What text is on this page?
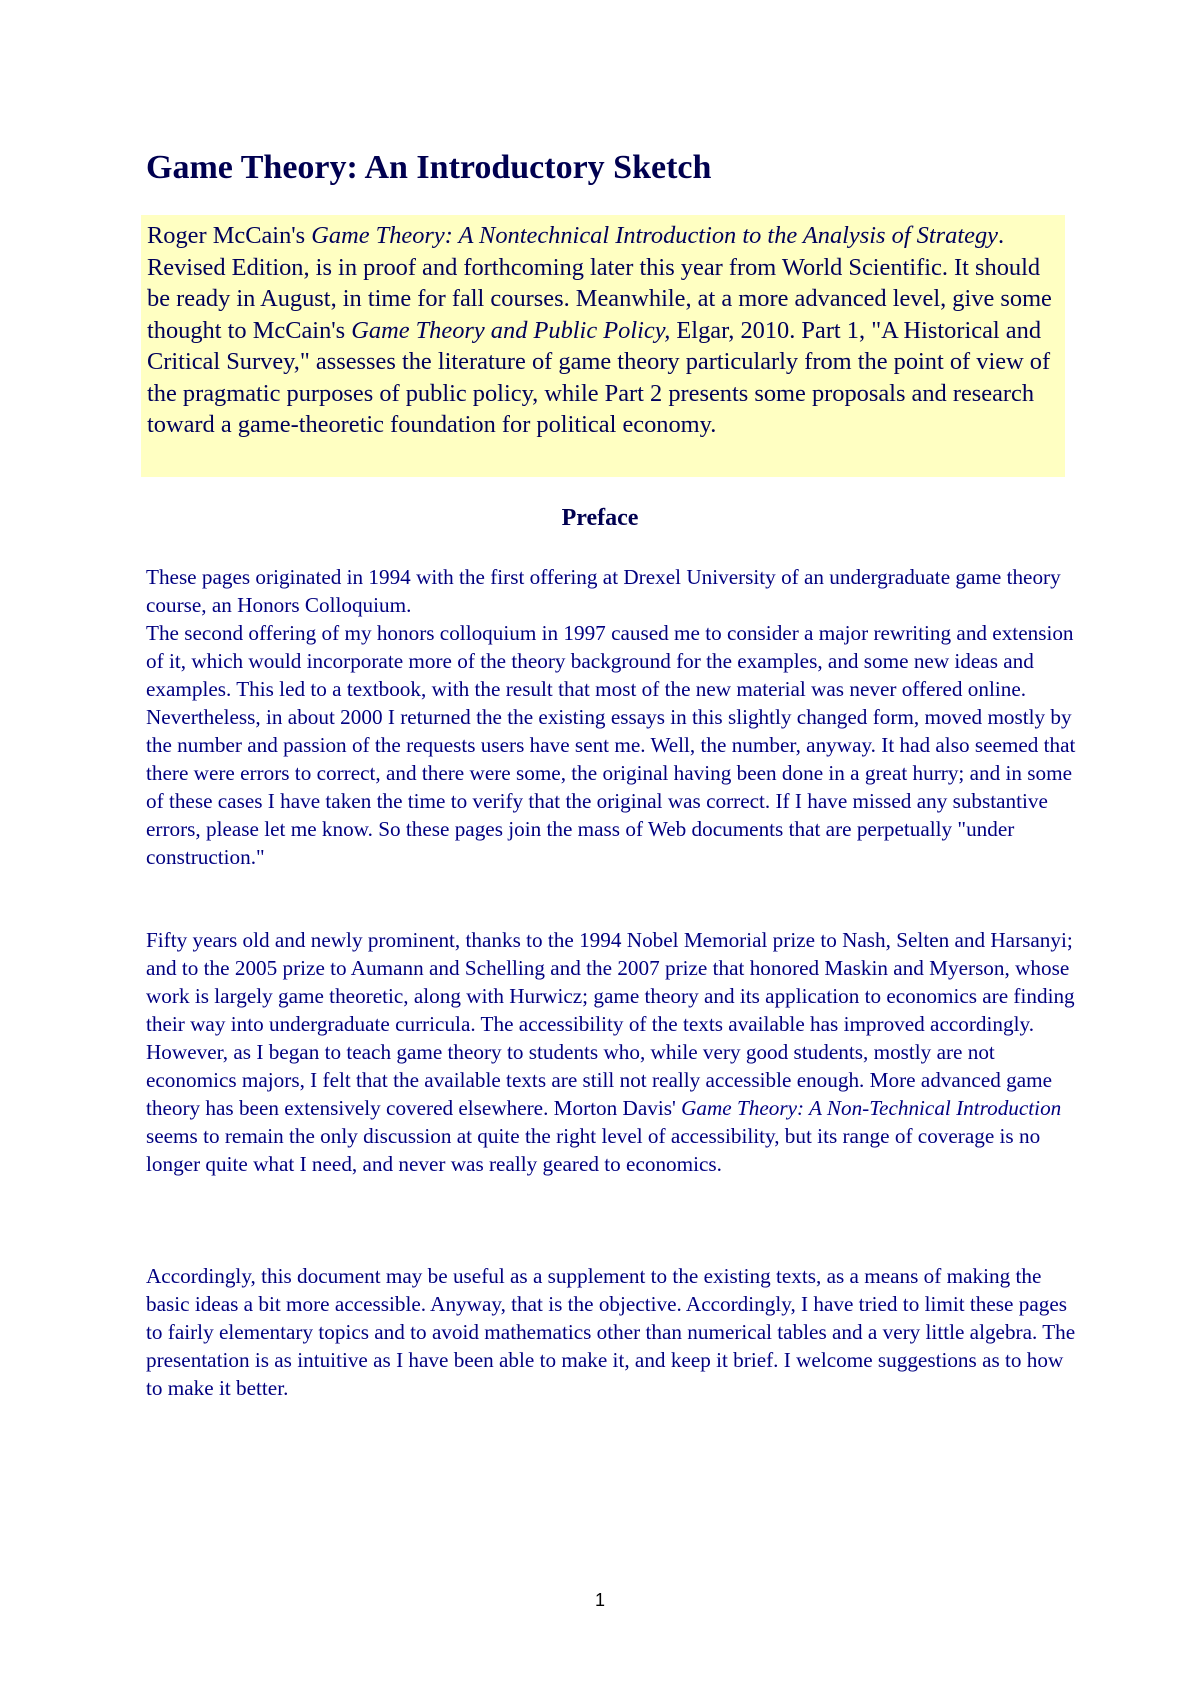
Game Theory: An Introductory Sketch
Roger McCain's Game Theory: A Nontechnical Introduction to the Analysis of Strategy. Revised Edition, is in proof and forthcoming later this year from World Scientific. It should be ready in August, in time for fall courses. Meanwhile, at a more advanced level, give some thought to McCain's Game Theory and Public Policy, Elgar, 2010. Part 1, "A Historical and Critical Survey," assesses the literature of game theory particularly from the point of view of the pragmatic purposes of public policy, while Part 2 presents some proposals and research toward a game-theoretic foundation for political economy.
Preface

These pages originated in 1994 with the first offering at Drexel University of an undergraduate game theory course, an Honors Colloquium.
The second offering of my honors colloquium in 1997 caused me to consider a major rewriting and extension of it, which would incorporate more of the theory background for the examples, and some new ideas and examples. This led to a textbook, with the result that most of the new material was never offered online. Nevertheless, in about 2000 I returned the the existing essays in this slightly changed form, moved mostly by the number and passion of the requests users have sent me. Well, the number, anyway. It had also seemed that there were errors to correct, and there were some, the original having been done in a great hurry; and in some of these cases I have taken the time to verify that the original was correct. If I have missed any substantive errors, please let me know. So these pages join the mass of Web documents that are perpetually "under construction."

Fifty years old and newly prominent, thanks to the 1994 Nobel Memorial prize to Nash, Selten and Harsanyi; and to the 2005 prize to Aumann and Schelling and the 2007 prize that honored Maskin and Myerson, whose work is largely game theoretic, along with Hurwicz; game theory and its application to economics are finding their way into undergraduate curricula. The accessibility of the texts available has improved accordingly. However, as I began to teach game theory to students who, while very good students, mostly are not economics majors, I felt that the available texts are still not really accessible enough. More advanced game theory has been extensively covered elsewhere. Morton Davis' Game Theory: A Non-Technical Introduction seems to remain the only discussion at quite the right level of accessibility, but its range of coverage is no longer quite what I need, and never was really geared to economics.

Accordingly, this document may be useful as a supplement to the existing texts, as a means of making the basic ideas a bit more accessible. Anyway, that is the objective. Accordingly, I have tried to limit these pages to fairly elementary topics and to avoid mathematics other than numerical tables and a very little algebra. The presentation is as intuitive as I have been able to make it, and keep it brief. I welcome suggestions as to how to make it better.

1
